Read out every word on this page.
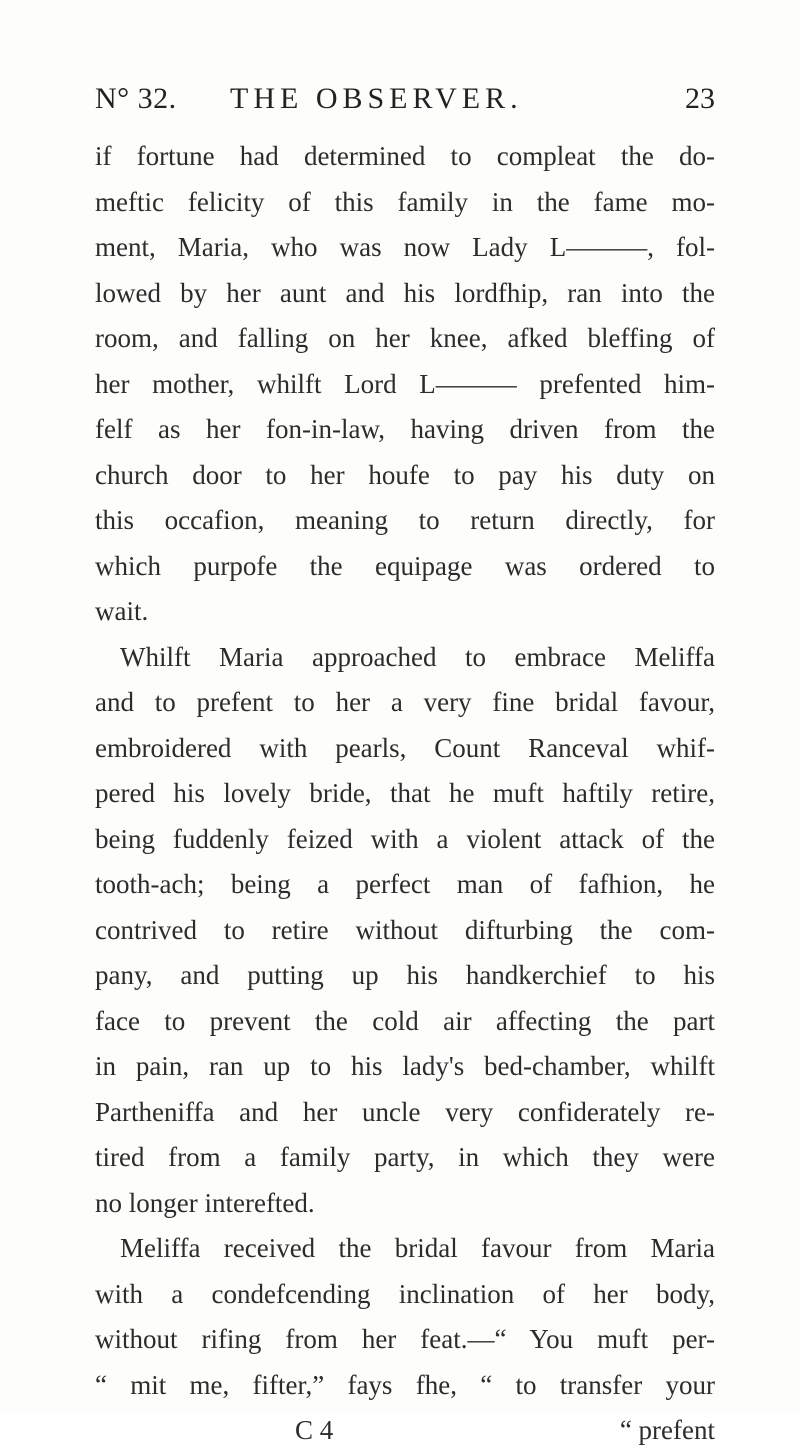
N° 32. THE OBSERVER.	23
if fortune had determined to compleat the do-
meftic felicity of this family in the fame mo-
ment, Maria, who was now Lady L———, fol-
lowed by her aunt and his lordfhip, ran into the
room, and falling on her knee, afked bleffing of
her mother, whilft Lord L——— prefented him-
felf as her fon-in-law, having driven from the
church door to her houfe to pay his duty on
this occafion, meaning to return directly, for
which purpofe the equipage was ordered to
wait.
Whilft Maria approached to embrace Meliffa
and to prefent to her a very fine bridal favour,
embroidered with pearls, Count Ranceval whif-
pered his lovely bride, that he muft haftily retire,
being fuddenly feized with a violent attack of the
tooth-ach; being a perfect man of fafhion, he
contrived to retire without difturbing the com-
pany, and putting up his handkerchief to his
face to prevent the cold air affecting the part
in pain, ran up to his lady's bed-chamber, whilft
Partheniffa and her uncle very confiderately re-
tired from a family party, in which they were
no longer interefted.
Meliffa received the bridal favour from Maria
with a condefcending inclination of her body,
without rifing from her feat.—“ You muft per-
“ mit me, fifter,” fays fhe, “ to transfer your
C 4	“ prefent
